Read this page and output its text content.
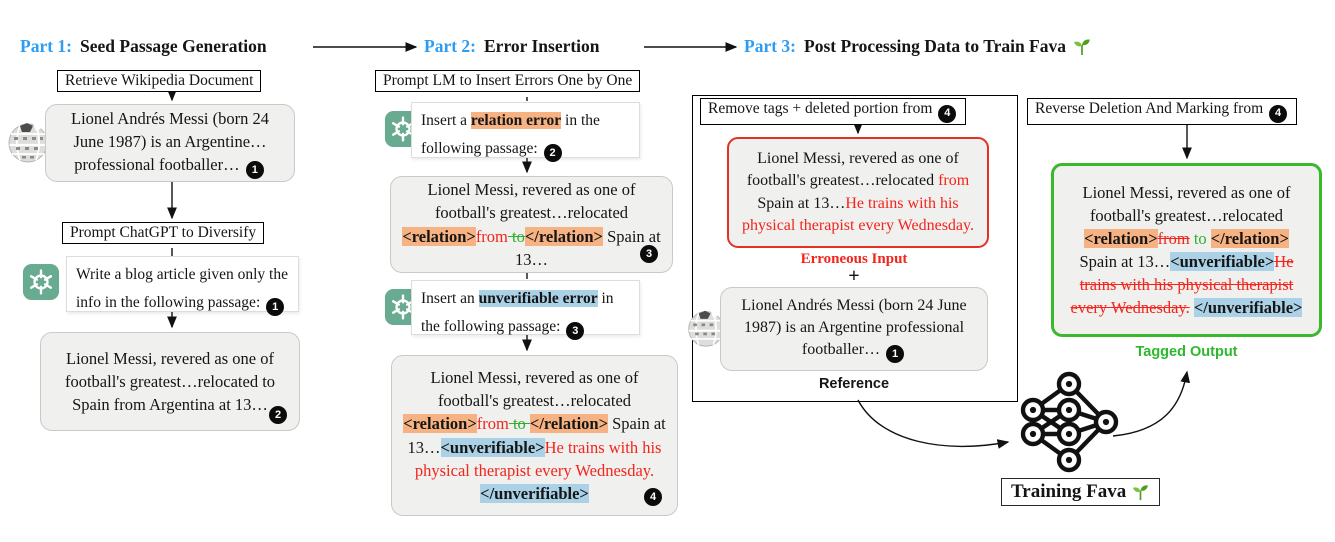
Part 1: Seed Passage Generation	Part 2: Error Insertion	Part 3: Post Processing Data to Train Fava
Retrieve Wikipedia Document
Lionel Andrés Messi (born 24 June 1987) is an Argentine… professional footballer… 1
Prompt ChatGPT to Diversify
Write a blog article given only the info in the following passage: 1
Lionel Messi, revered as one of football's greatest…relocated to Spain from Argentina at 13…
2
Prompt LM to Insert Errors One by One
Insert a relation error in the following passage: 2
Lionel Messi, revered as one of football's greatest…relocated <relation>from to</relation> Spain at 13…	3
Insert an unverifiable error in the following passage: 3
Lionel Messi, revered as one of football's greatest…relocated <relation>from to </relation> Spain at 13…<unverifiable>He trains with his physical therapist every Wednesday. </unverifiable>	4
Remove tags + deleted portion from 4
Lionel Messi, revered as one of football's greatest…relocated from Spain at 13…He trains with his physical therapist every Wednesday.
Erroneous Input
+
Lionel Andrés Messi (born 24 June 1987) is an Argentine professional footballer… 1
Reference
Reverse Deletion And Marking from 4
Lionel Messi, revered as one of football's greatest…relocated <relation>from to </relation> Spain at 13…<unverifiable>He trains with his physical therapist every Wednesday. </unverifiable>
Tagged Output
Training Fava
